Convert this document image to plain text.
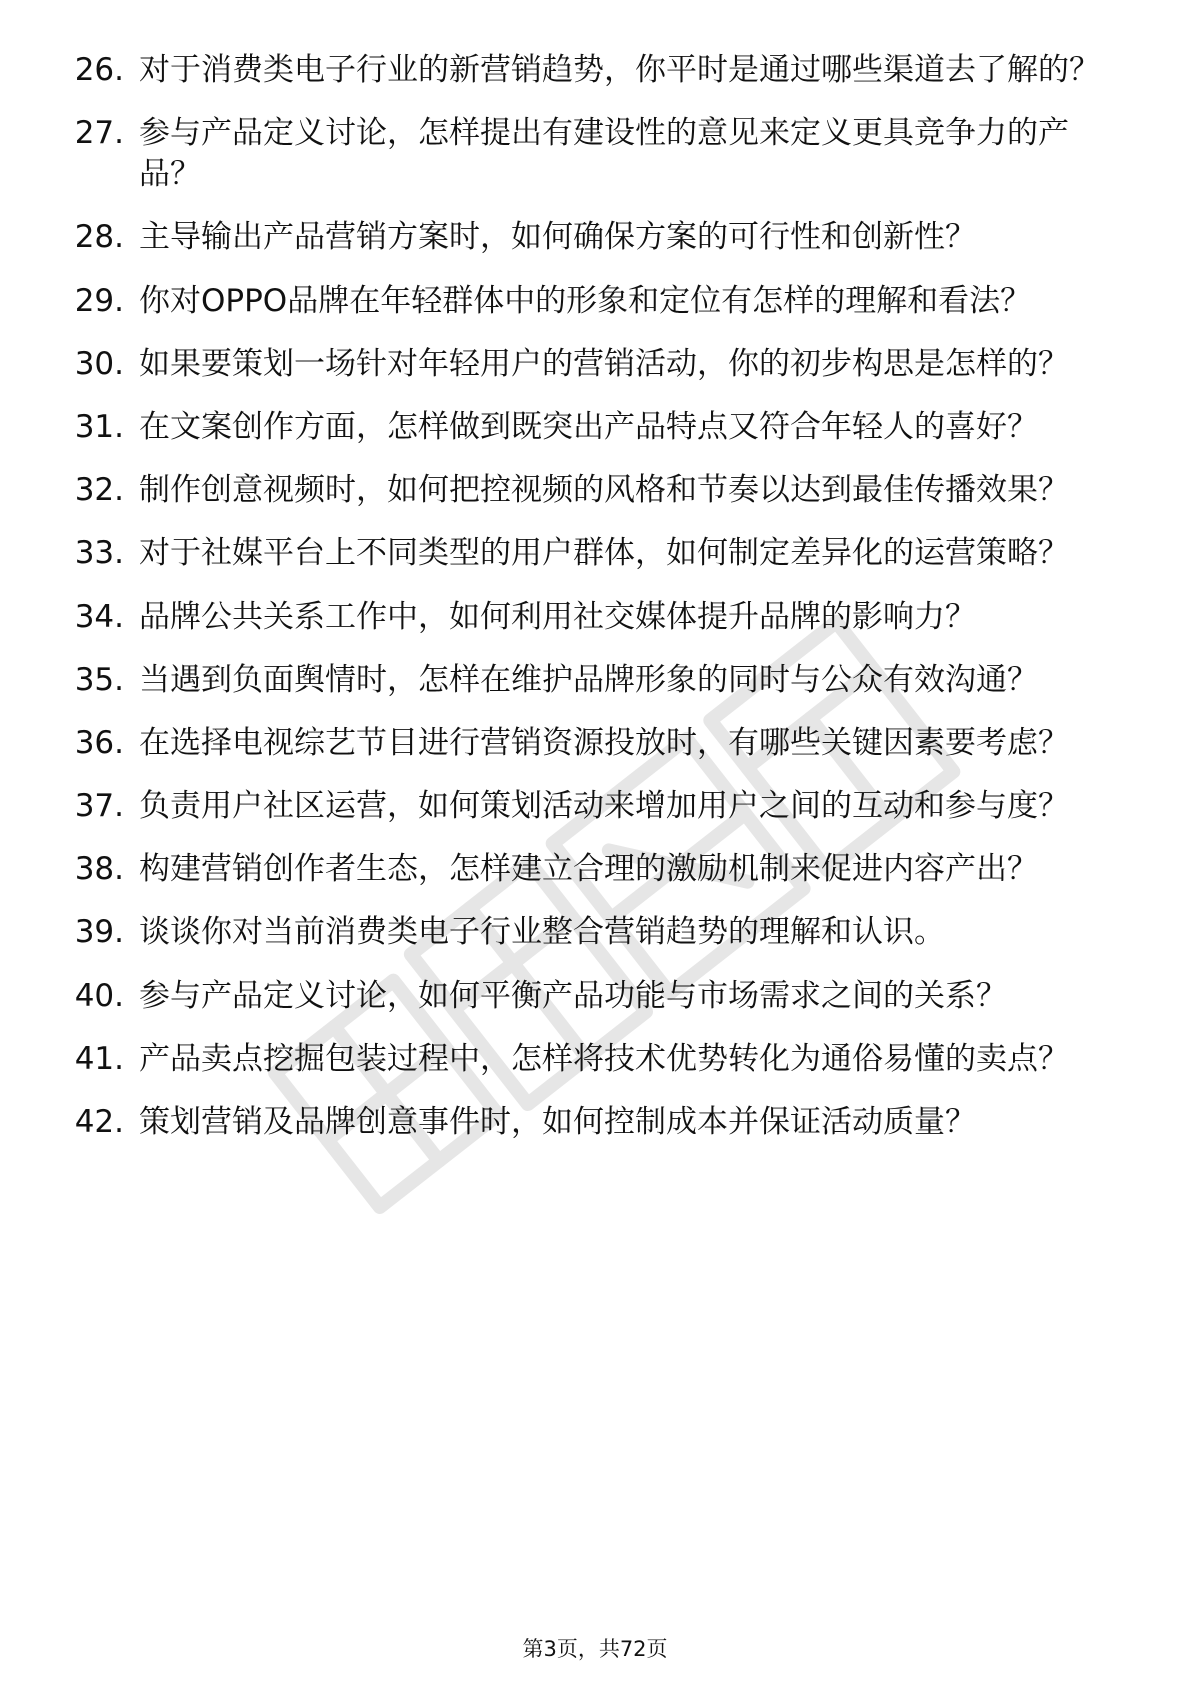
26. 对于消费类电子行业的新营销趋势，你平时是通过哪些渠道去了解的？
27. 参与产品定义讨论，怎样提出有建设性的意见来定义更具竞争力的产品？
28. 主导输出产品营销方案时，如何确保方案的可行性和创新性？
29. 你对OPPO品牌在年轻群体中的形象和定位有怎样的理解和看法？
30. 如果要策划一场针对年轻用户的营销活动，你的初步构思是怎样的？
31. 在文案创作方面，怎样做到既突出产品特点又符合年轻人的喜好？
32. 制作创意视频时，如何把控视频的风格和节奏以达到最佳传播效果？
33. 对于社媒平台上不同类型的用户群体，如何制定差异化的运营策略？
34. 品牌公共关系工作中，如何利用社交媒体提升品牌的影响力？
35. 当遇到负面舆情时，怎样在维护品牌形象的同时与公众有效沟通？
36. 在选择电视综艺节目进行营销资源投放时，有哪些关键因素要考虑？
37. 负责用户社区运营，如何策划活动来增加用户之间的互动和参与度？
38. 构建营销创作者生态，怎样建立合理的激励机制来促进内容产出？
39. 谈谈你对当前消费类电子行业整合营销趋势的理解和认识。
40. 参与产品定义讨论，如何平衡产品功能与市场需求之间的关系？
41. 产品卖点挖掘包装过程中，怎样将技术优势转化为通俗易懂的卖点？
42. 策划营销及品牌创意事件时，如何控制成本并保证活动质量？
第3页，共72页
